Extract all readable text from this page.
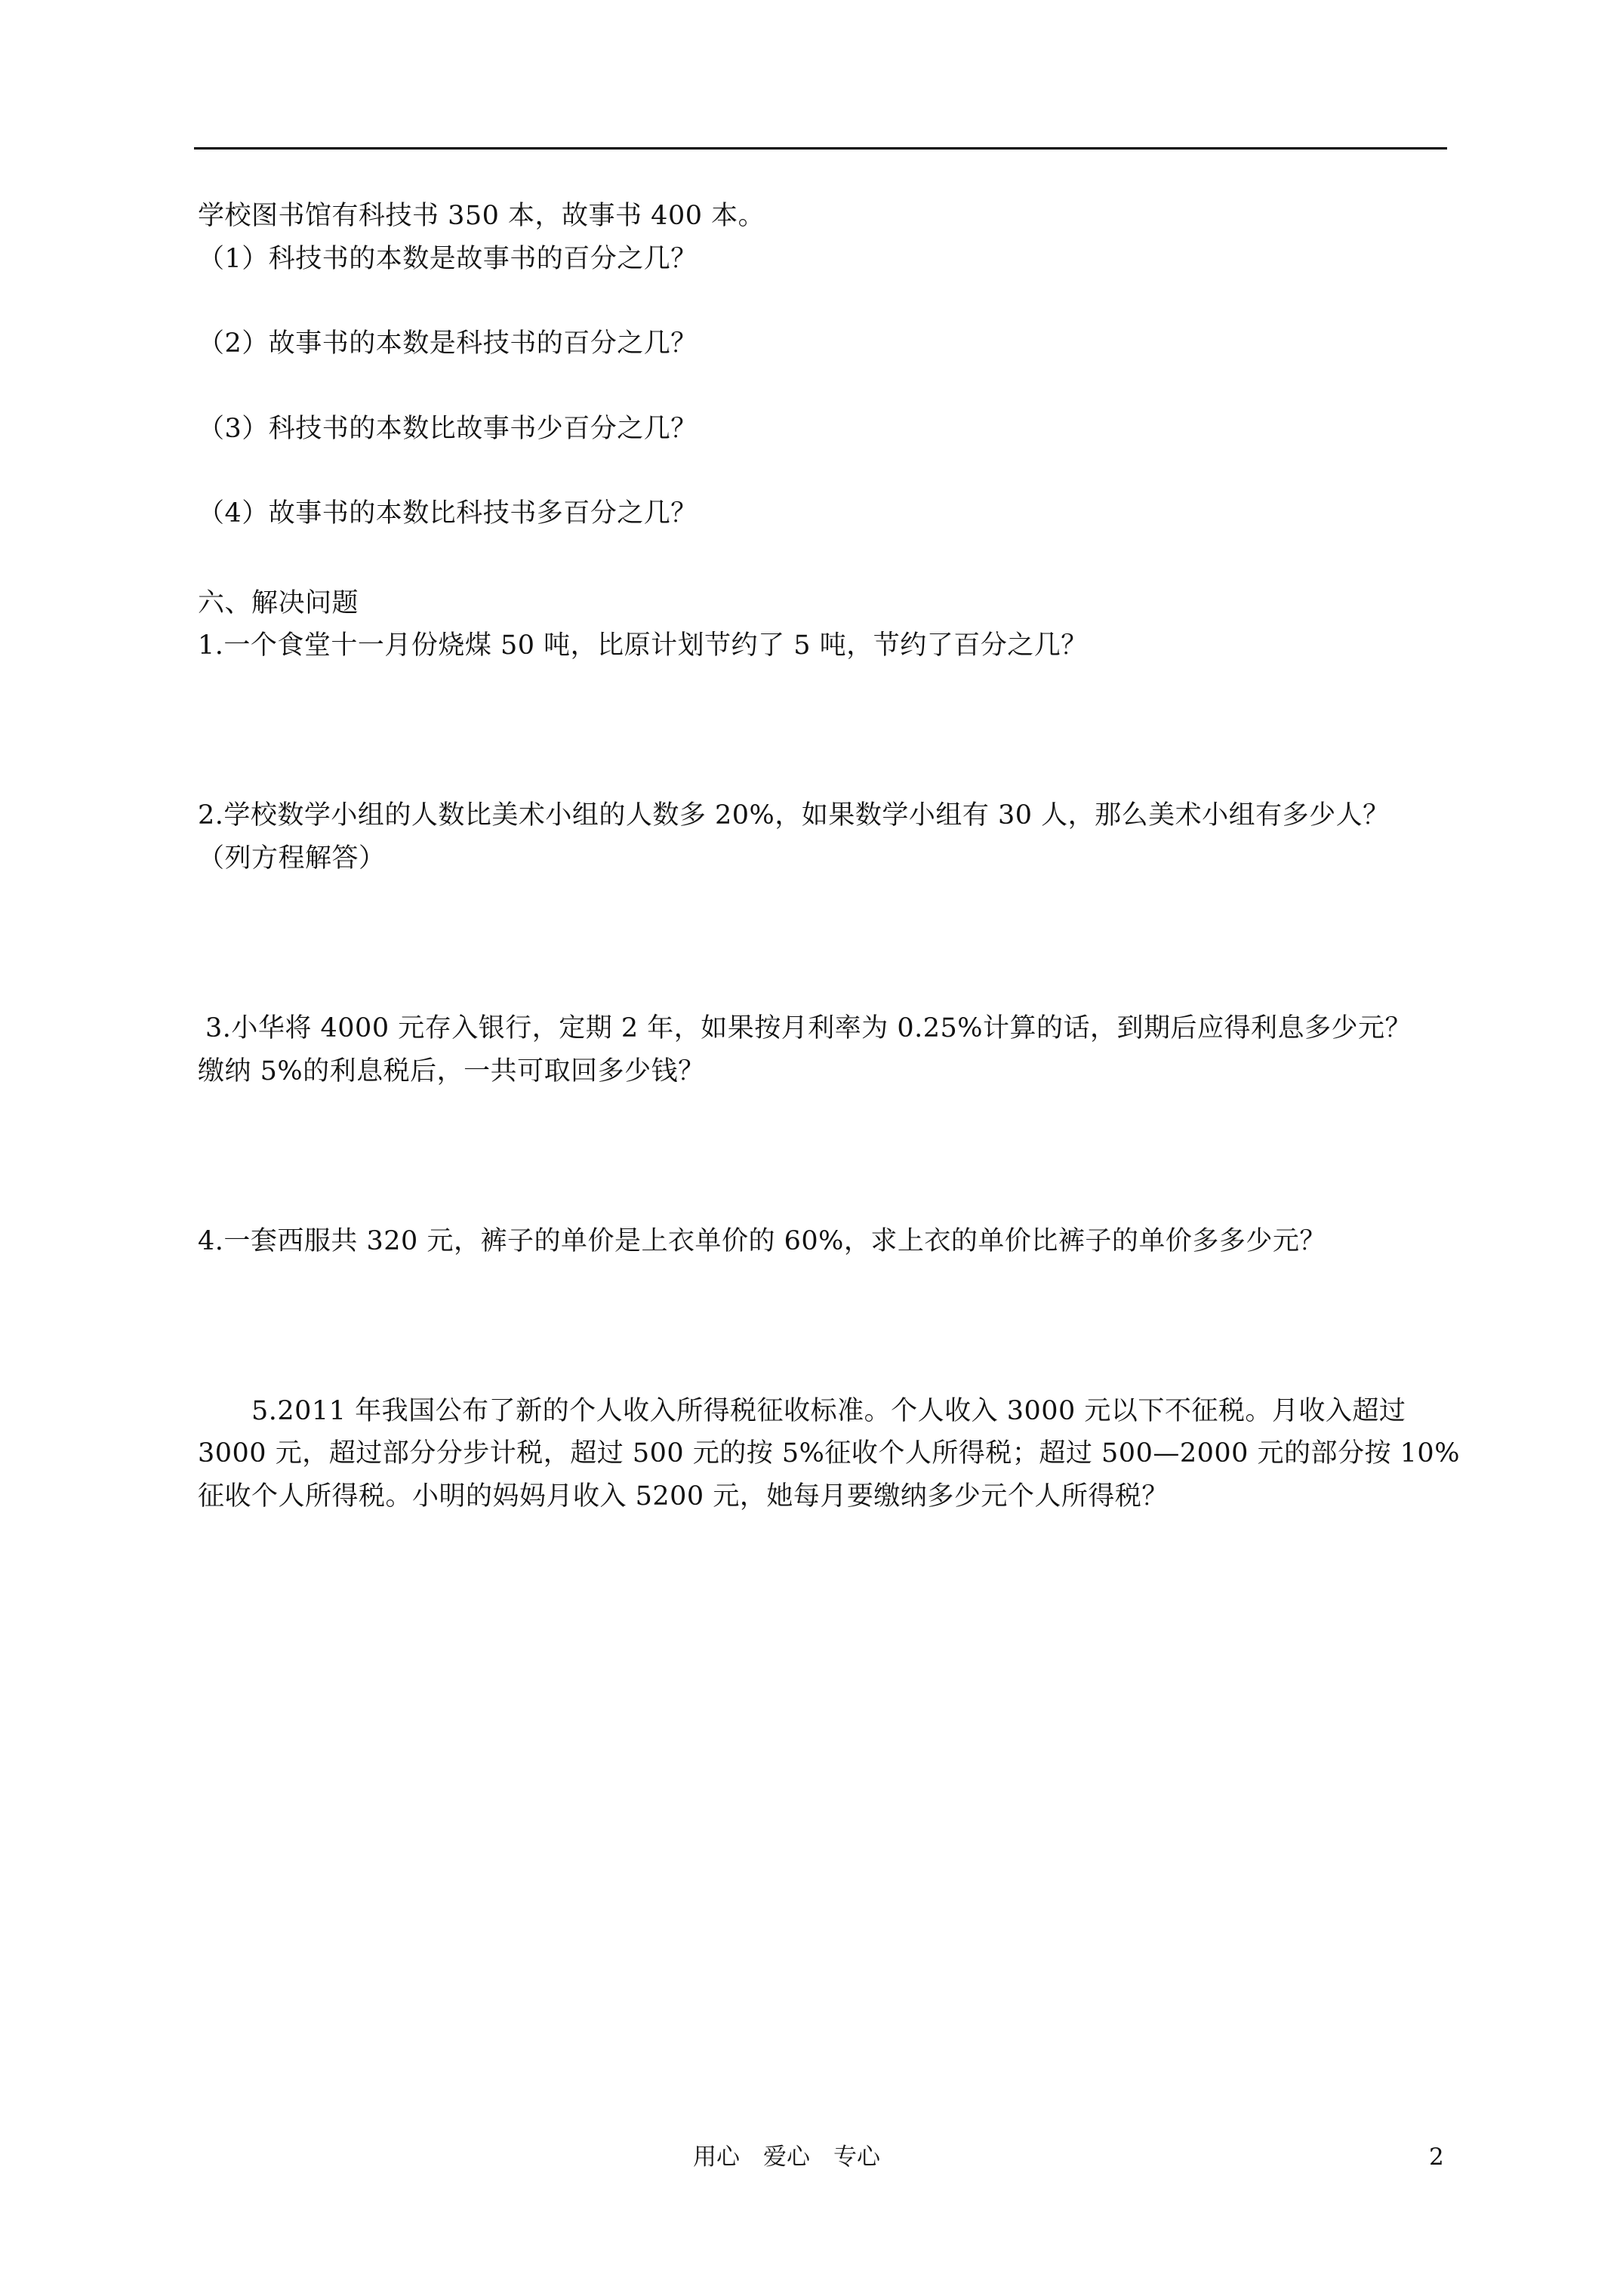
学校图书馆有科技书 350 本，故事书 400 本。
（1）科技书的本数是故事书的百分之几？
（2）故事书的本数是科技书的百分之几？
（3）科技书的本数比故事书少百分之几？
（4）故事书的本数比科技书多百分之几？
六、解决问题
1.一个食堂十一月份烧煤 50 吨，比原计划节约了 5 吨，节约了百分之几？
2.学校数学小组的人数比美术小组的人数多 20%，如果数学小组有 30 人，那么美术小组有多少人？
（列方程解答）
3.小华将 4000 元存入银行，定期 2 年，如果按月利率为 0.25%计算的话，到期后应得利息多少元？
缴纳 5%的利息税后，一共可取回多少钱？
4.一套西服共 320 元，裤子的单价是上衣单价的 60%，求上衣的单价比裤子的单价多多少元？
5.2011 年我国公布了新的个人收入所得税征收标准。个人收入 3000 元以下不征税。月收入超过
3000 元，超过部分分步计税，超过 500 元的按 5%征收个人所得税；超过 500—2000 元的部分按 10%
征收个人所得税。小明的妈妈月收入 5200 元，她每月要缴纳多少元个人所得税？
用心　爱心　专心	2
